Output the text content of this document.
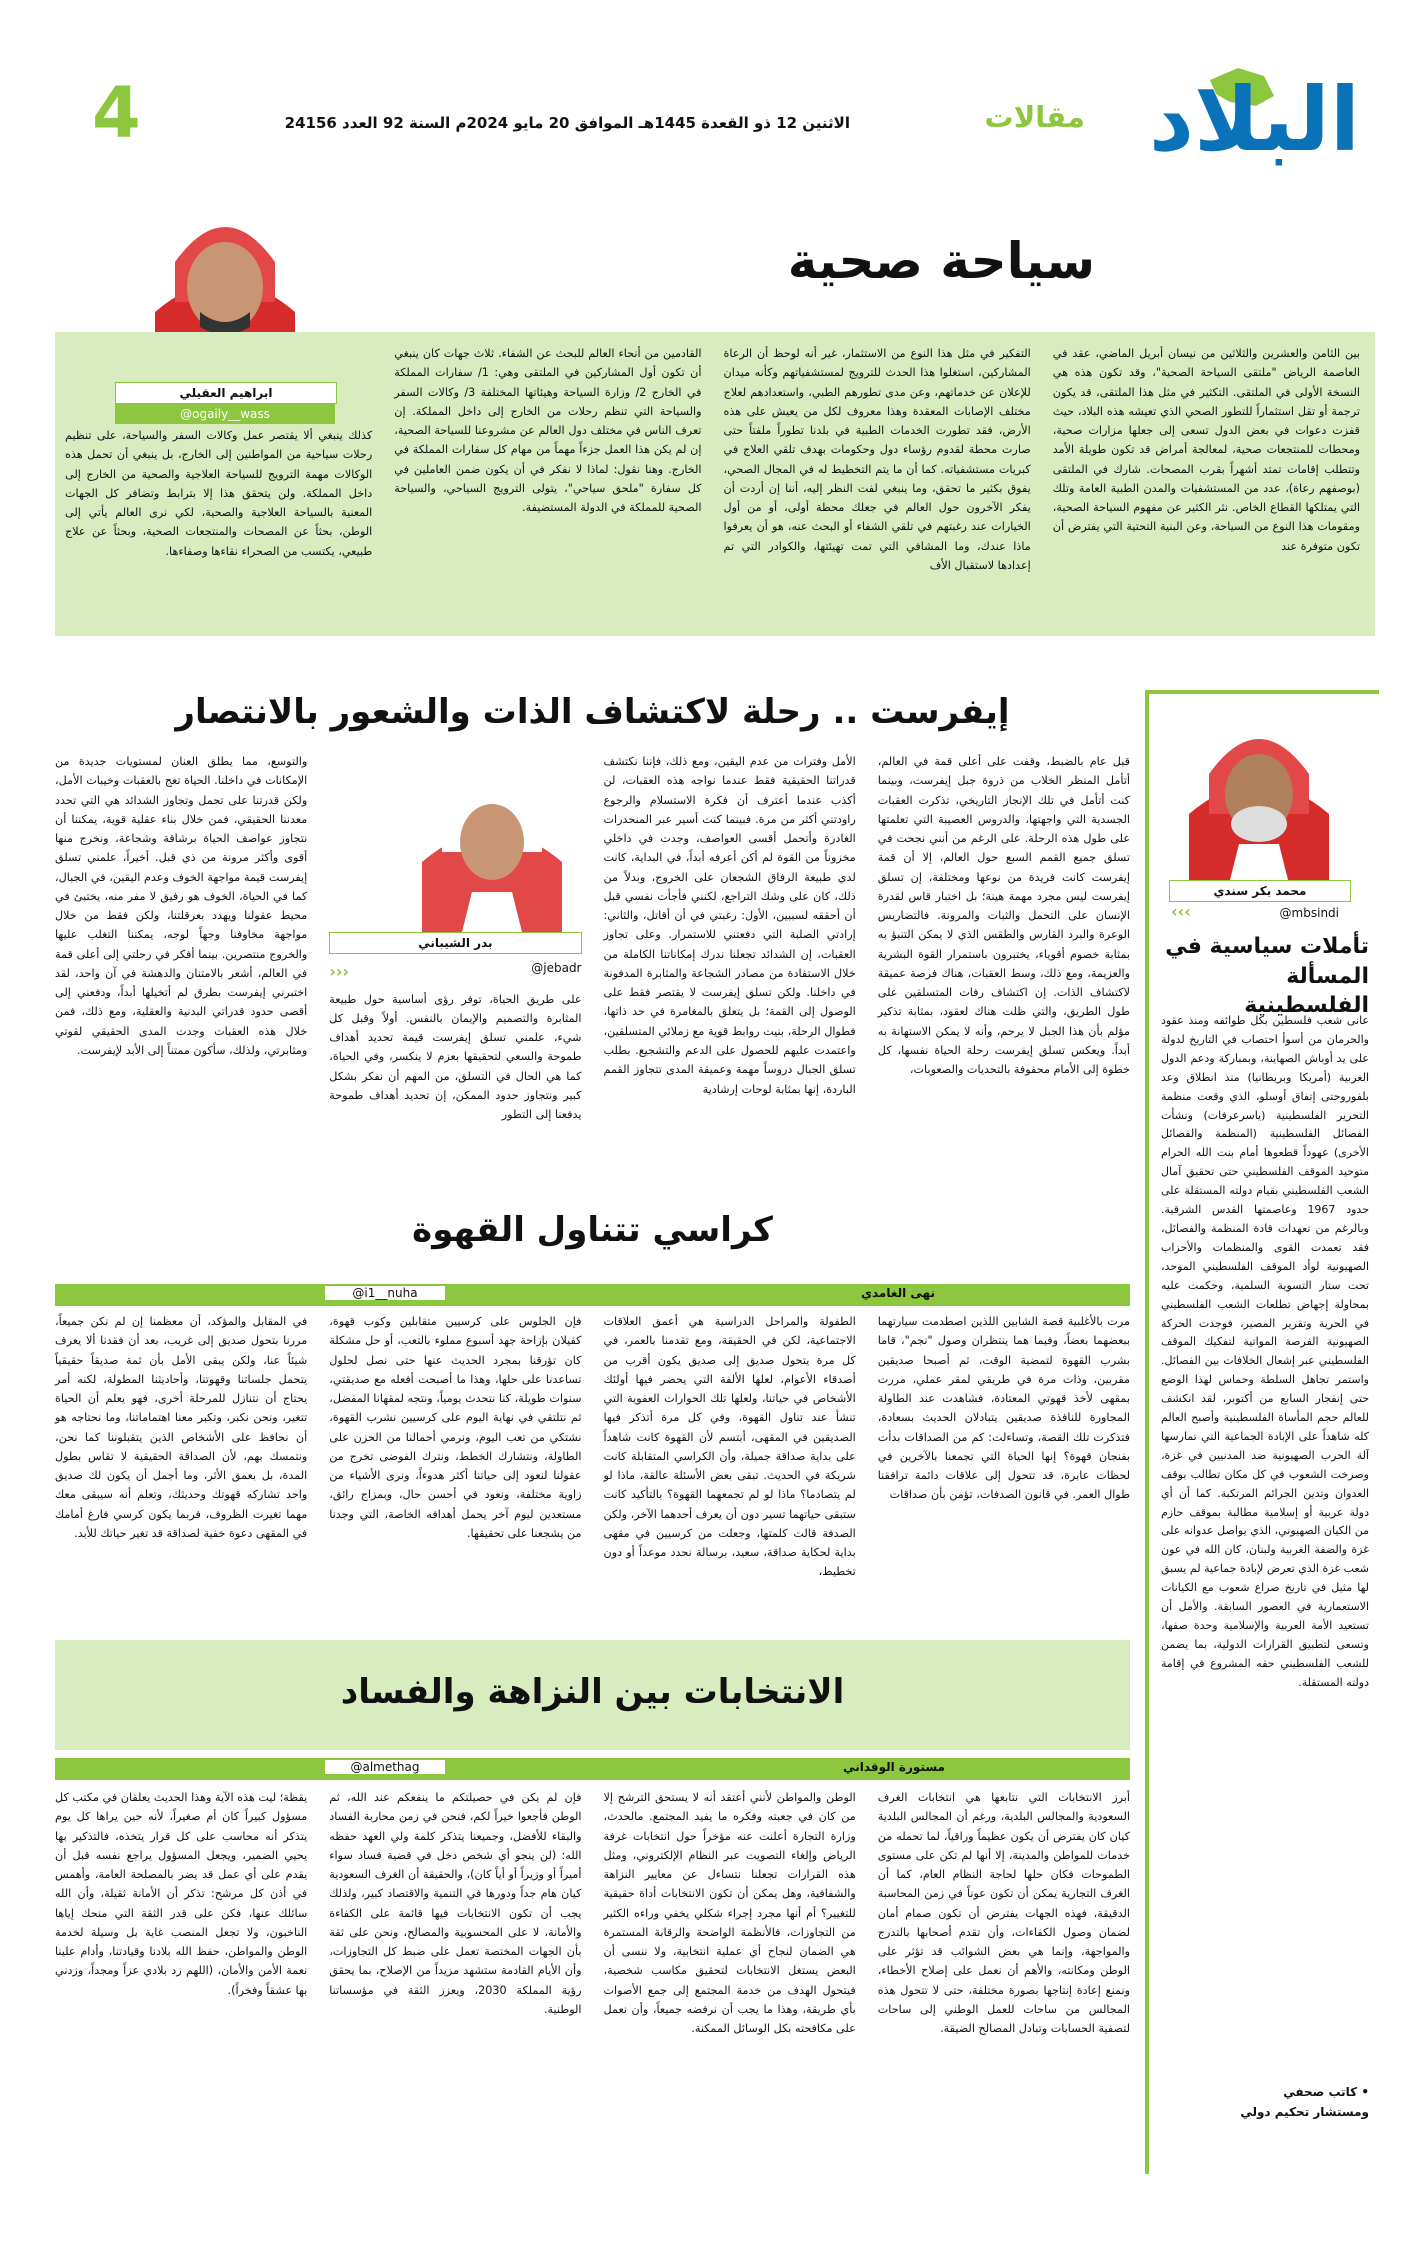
البلاد
مقالات
الاثنين 12 ذو القعدة 1445هـ الموافق 20 مايو 2024م السنة 92 العدد 24156
4
سياحة صحية
ابراهيم العقيلي
@ogaily__wass
بين الثامن والعشرين والثلاثين من نيسان أبريل الماضي، عقد في العاصمة الرياض "ملتقى السياحة الصحية"، وقد تكون هذه هي النسخة الأولى في الملتقى. التكثير في مثل هذا الملتقى، قد يكون ترجمة أو تقل استثماراً للتطور الصحي الذي تعيشه هذه البلاد، حيث قفزت دعوات في بعض الدول تسعى إلى جعلها مزارات صحية، ومحطات للمنتجعات صحية، لمعالجة أمراض قد تكون طويلة الأمد وتتطلب إقامات تمتد أشهراً بقرب المصحات. شارك في الملتقى (بوصفهم رعاة)، عدد من المستشفيات والمدن الطبية العامة وتلك التي يمتلكها القطاع الخاص. نثر الكثير عن مفهوم السياحة الصحية، ومقومات هذا النوع من السياحة، وعن البنية التحتية التي يفترض أن تكون متوفرة عند
التفكير في مثل هذا النوع من الاستثمار، غير أنه لوحظ أن الرعاة المشاركين، استغلوا هذا الحدث للترويج لمستشفياتهم وكأنه ميدان للإعلان عن خدماتهم، وعن مدى تطورهم الطبي، واستعدادهم لعلاج مختلف الإصابات المعقدة وهذا معروف لكل من يعيش على هذه الأرض، فقد تطورت الخدمات الطبية في بلدنا تطوراً ملفتاً حتى صارت محطة لقدوم رؤساء دول وحكومات بهدف تلقي العلاج في كبريات مستشفياته. كما أن ما يتم التخطيط له في المجال الصحي، يفوق بكثير ما تحقق، وما ينبغي لفت النظر إليه، أننا إن أردت أن يفكر الآخرون حول العالم في جعلك محطة أولى، أو من أول الخيارات عند رغبتهم في تلقي الشفاء أو البحث عنه، هو أن يعرفوا ماذا عندك، وما المشافي التي تمت تهيئتها، والكوادر التي تم إعدادها لاستقبال الأف
القادمين من أنحاء العالم للبحث عن الشفاء. ثلاث جهات كان ينبغي أن تكون أول المشاركين في الملتقى وهي: 1/ سفارات المملكة في الخارج 2/ وزارة السياحة وهيئاتها المختلفة 3/ وكالات السفر والسياحة التي تنظم رحلات من الخارج إلى داخل المملكة. إن تعرف الناس في مختلف دول العالم عن مشروعنا للسياحة الصحية، إن لم يكن هذا العمل جزءاً مهماً من مهام كل سفارات المملكة في الخارج. وهنا نقول: لماذا لا نفكر في أن يكون ضمن العاملين في كل سفارة "ملحق سياحي"، يتولى الترويج السياحي، والسياحة الصحية للمملكة في الدولة المستضيفة.
كذلك ينبغي ألا يقتصر عمل وكالات السفر والسياحة، على تنظيم رحلات سياحية من المواطنين إلى الخارج، بل ينبغي أن تحمل هذه الوكالات مهمة الترويج للسياحة العلاجية والصحية من الخارج إلى داخل المملكة. ولن يتحقق هذا إلا بترابط وتضافر كل الجهات المعنية بالسياحة العلاجية والصحية، لكي نرى العالم يأتي إلى الوطن، بحثاً عن المصحات والمنتجعات الصحية، وبحثاً عن علاج طبيعي، يكتسب من الصحراء نقاءها وصفاءها.
محمد بكر سندي
@mbsindi
‹‹‹
تأملات سياسية في المسألة الفلسطينية
عانى شعب فلسطين بكل طوائفه ومنذ عقود والحرمان من أسوأ احتصاب في التاريخ لدولة على يد أوباش الصهاينة، وبمباركة ودعم الدول الغربية (أمريكا وبريطانيا) منذ انطلاق وعد بلفوروحتى إتفاق أوسلو، الذي وقعت منظمة التحرير الفلسطينية (ياسرعرفات) ونشأت الفصائل الفلسطينية (المنظمة والفصائل الأخرى) عهوداً قطعوها أمام بنت الله الحرام متوحيد الموقف الفلسطيني حتى تحقيق آمال الشعب الفلسطيني بقيام دولته المستقلة على حدود 1967 وعاصمتها القدس الشرقية. وبالرغم من تعهدات قادة المنظمة والفصائل، فقد تعمدت القوى والمنظمات والأحزاب الصهيونية لوأد الموقف الفلسطيني الموحد، تحت ستار التسوية السلمية، وحكمت عليه بمحاولة إجهاض تطلعات الشعب الفلسطيني في الحرية وتقرير المصير، فوجدت الحركة الصهيونية الفرصة المواتية لتفكيك الموقف الفلسطيني عبر إشعال الخلافات بين الفصائل. واستمر تجاهل السلطة وحماس لهذا الوضع حتى إنفجار السابع من أكتوبر، لقد انكشف للعالم حجم المأساة الفلسطينية وأصبح العالم كله شاهداً على الإبادة الجماعية التي تمارسها آلة الحرب الصهيونية ضد المدنيين في غزة، وصرخت الشعوب في كل مكان تطالب بوقف العدوان وتدين الجرائم المرتكبة. كما أن أي دولة عربية أو إسلامية مطالبة بموقف حازم من الكيان الصهيوني، الذي يواصل عدوانه على غزة والضفة الغربية ولبنان، كان الله في عون شعب غزة الذي تعرض لإبادة جماعية لم يسبق لها مثيل في تاريخ صراع شعوب مع الكيانات الاستعمارية في العصور السابقة. والأمل أن تستعيد الأمة العربية والإسلامية وحدة صفها، وتسعى لتطبيق القرارات الدولية، بما يضمن للشعب الفلسطيني حقه المشروع في إقامة دولته المستقلة.
• كاتب صحفي
ومستشار تحكيم دولي
إيفرست .. رحلة لاكتشاف الذات والشعور بالانتصار
قبل عام بالضبط، وقفت على أعلى قمة في العالم، أتأمل المنظر الخلاب من ذروة جبل إيفرست، وبينما كنت أتأمل في تلك الإنجاز التاريخي، تذكرت العقبات الجسدية التي واجهتها، والدروس العصيبة التي تعلمتها على طول هذه الرحلة. على الرغم من أنني نجحت في تسلق جميع القمم السبع حول العالم، إلا أن قمة إيفرست كانت فريدة من نوعها ومختلفة، إن تسلق إيفرست ليس مجرد مهمة هينة؛ بل اختبار قاس لقدرة الإنسان على التحمل والثبات والمرونة. فالتضاريس الوعرة والبرد القارس والطقس الذي لا يمكن التنبؤ به بمثابة خصوم أقوياء، يختبرون باستمرار القوة البشرية والعزيمة، ومع ذلك، وسط العقبات، هناك فرصة عميقة لاكتشاف الذات. إن اكتشاف رفات المتسلقين على طول الطريق، والتي ظلت هناك لعقود، بمثابة تذكير مؤلم بأن هذا الجبل لا يرحم، وأنه لا يمكن الاستهانة به أبداً. ويعكس تسلق إيفرست رحلة الحياة نفسها، كل خطوة إلى الأمام محفوفة بالتحديات والصعوبات،
الأمل وفترات من عدم اليقين، ومع ذلك، فإننا نكتشف قدراتنا الحقيقية فقط عندما نواجه هذه العقبات، لن أكذب عندما أعترف أن فكرة الاستسلام والرجوع راودتني أكثر من مرة. فبينما كنت أسير عبر المنحدرات الغادرة وأتحمل أقسى العواصف، وجدت في داخلي مخزوناً من القوة لم أكن أعرفه أبداً، في البداية، كانت لدي طبيعة الرفاق الشجعان على الخروج، وبدلاً من ذلك، كان على وشك التراجع، لكنني فأجأت نفسي قبل أن أحققه لسببين، الأول: رغبتي في أن أقاتل، والثاني: إرادتي الصلبة التي دفعتني للاستمرار. وعلى تجاوز العقبات، إن الشدائد تجعلنا ندرك إمكاناتنا الكاملة من خلال الاستفادة من مصادر الشجاعة والمثابرة المدفونة في داخلنا. ولكن تسلق إيفرست لا يقتصر فقط على الوصول إلى القمة؛ بل يتعلق بالمغامرة في حد ذاتها، فطوال الرحلة، بنيت روابط قوية مع زملائي المتسلقين، واعتمدت عليهم للحصول على الدعم والتشجيع. بطلب تسلق الجبال دروساً مهمة وعميقة المدى تتجاوز القمم الباردة، إنها بمثابة لوحات إرشادية
بدر الشيباني
@jebadr
‹‹‹
على طريق الحياة، توفر رؤى أساسية حول طبيعة المثابرة والتصميم والإيمان بالنفس. أولاً وقبل كل شيء، علمني تسلق إيفرست قيمة تحديد أهداف طموحة والسعي لتحقيقها بعزم لا ينكسر، وفي الحياة، كما هي الحال في التسلق، من المهم أن نفكر بشكل كبير ونتجاوز حدود الممكن، إن تحديد أهداف طموحة يدفعنا إلى التطور
والتوسع، مما يطلق العنان لمستويات جديدة من الإمكانات في داخلنا. الحياة تعج بالعقبات وخيبات الأمل، ولكن قدرتنا على تحمل وتجاوز الشدائد هي التي تحدد معدننا الحقيقي، فمن خلال بناء عقلية قوية، يمكننا أن نتجاوز عواصف الحياة برشاقة وشجاعة، ونخرج منها أقوى وأكثر مرونة من ذي قبل. أخيراً، علمني تسلق إيفرست قيمة مواجهة الخوف وعدم اليقين، في الجبال، كما في الحياة، الخوف هو رفيق لا مفر منه، يختبئ في محيط عقولنا ويهدد بعرقلتنا، ولكن فقط من خلال مواجهة مخاوفنا وجهاً لوجه، يمكننا التغلب عليها والخروج منتصرين. بينما أفكر في رحلتي إلى أعلى قمة في العالم، أشعر بالامتنان والدهشة في آن واحد، لقد اختبرني إيفرست بطرق لم أتخيلها أبداً، ودفعني إلى أقصى حدود قدراتي البدنية والعقلية، ومع ذلك، فمن خلال هذه العقبات وجدت المدى الحقيقي لقوتي ومثابرتي، ولذلك، سأكون ممتناً إلى الأبد لإيفرست.
كراسي تتناول القهوة
نهى الغامدي
@i1__nuha
مرت بالأغلبية قصة الشابين اللذين اصطدمت سيارتهما ببعضهما بعضاً، وفيما هما ينتظران وصول "نجم"، قاما بشرب القهوة لتمضية الوقت، ثم أصبحا صديقين مقربين، وذات مرة في طريقي لمقر عملي، مررت بمقهى لأخذ قهوتي المعتادة، فشاهدت عند الطاولة المجاورة للنافذة صديقين يتبادلان الحديث بسعادة، فتذكرت تلك القصة، وتساءلت: كم من الصداقات بدأت بفنجان قهوة؟ إنها الحياة التي تجمعنا بالآخرين في لحظات عابرة، قد تتحول إلى علاقات دائمة ترافقنا طوال العمر. في قانون الصدفات، تؤمن بأن صداقات
الطفولة والمراحل الدراسية هي أعمق العلاقات الاجتماعية، لكن في الحقيقة، ومع تقدمنا بالعمر، في كل مرة يتحول صديق إلى صديق يكون أقرب من أصدقاء الأعوام، لعلها الألفة التي يحضر فيها أولئك الأشخاص في حياتنا، ولعلها تلك الحوارات العفوية التي تنشأ عند تناول القهوة، وفي كل مرة أتذكر فيها الصديقين في المقهى، أبتسم لأن القهوة كانت شاهداً على بداية صداقة جميلة، وأن الكراسي المتقابلة كانت شريكة في الحديث. تبقى بعض الأسئلة عالقة، ماذا لو لم يتصادما؟ ماذا لو لم تجمعهما القهوة؟ بالتأكيد كانت ستبقى حياتهما تسير دون أن يعرف أحدهما الآخر، ولكن الصدفة قالت كلمتها، وجعلت من كرسيين في مقهى بداية لحكاية صداقة، سعيد، برسالة نحدد موعداً أو دون تخطيط،
فإن الجلوس على كرسيين متقابلين وكوب قهوة، كفيلان بإزاحة جهد أسبوع مملوء بالتعب، أو حل مشكلة كان تؤرقنا بمجرد الحديث عنها حتى نصل لحلول تساعدنا على حلها، وهذا ما أصبحت أفعله مع صديقتي، سنوات طويلة، كنا نتحدث يومياً، ونتجه لمقهانا المفضل، ثم نتلتقي في نهاية اليوم على كرسيين نشرب القهوة، نشتكي من تعب اليوم، ونرمي أحمالنا من الحزن على الطاولة، ونتشارك الخطط، ونترك الفوضى تخرج من عقولنا لنعود إلى حياتنا أكثر هدوءاً، ونرى الأشياء من زاوية مختلفة، ونعود في أحسن حال، وبمزاج رائق، مستعدين ليوم آخر يحمل أهدافه الخاصة، التي وجدنا من يشجعنا على تحقيقها.
في المقابل والمؤكد، أن معظمنا إن لم نكن جميعاً، مررنا بتحول صديق إلى غريب، بعد أن فقدنا ألا يعرف شيئاً عنا، ولكن يبقى الأمل بأن ثمة صديقاً حقيقياً يتحمل جلساتنا وقهوتنا، وأحاديثنا المطولة، لكنه أمر يحتاج أن نتنازل للمرحلة أخرى، فهو يعلم أن الحياة تتغير، ونحن نكبر، وتكبر معنا اهتماماتنا، وما نحتاجه هو أن نحافظ على الأشخاص الذين يتقبلوننا كما نحن، ونتمسك بهم، لأن الصداقة الحقيقية لا تقاس بطول المدة، بل بعمق الأثر، وما أجمل أن يكون لك صديق واحد تشاركه قهوتك وحديثك، وتعلم أنه سيبقى معك مهما تغيرت الظروف، فربما يكون كرسي فارغ أمامك في المقهى دعوة خفية لصداقة قد تغير حياتك للأبد.
الانتخابات بين النزاهة والفساد
مستورة الوقداني
@almethag
أبرز الانتخابات التي نتابعها هي انتخابات الغرف السعودية والمجالس البلدية، ورغم أن المجالس البلدية كيان كان يفترض أن يكون عظيماً وراقياً، لما تحمله من خدمات للمواطن والمدينة، إلا أنها لم تكن على مستوى الطموحات فكان حلها لحاجة النظام العام، كما أن الغرف التجارية يمكن أن تكون عوناً في زمن المحاسبة الدقيقة، فهذه الجهات يفترض أن تكون صمام أمان لضمان وصول الكفاءات، وأن تقدم أصحابها بالتدرج والمواجهة، وإنما هي بعض الشوائب قد تؤثر على الوطن ومكانته، والأهم أن نعمل على إصلاح الأخطاء، ونمنع إعادة إنتاجها بصورة مختلفة، حتى لا تتحول هذه المجالس من ساحات للعمل الوطني إلى ساحات لتصفية الحسابات وتبادل المصالح الضيقة.
الوطن والمواطن لأنني أعتقد أنه لا يستحق الترشح إلا من كان في جعبته وفكره ما يفيد المجتمع. مالحدث، وزارة التجارة أعلنت عنه مؤخراً حول انتخابات غرفة الرياض وإلغاء التصويت عبر النظام الإلكتروني، ومثل هذه القرارات تجعلنا نتساءل عن معايير النزاهة والشفافية، وهل يمكن أن تكون الانتخابات أداة حقيقية للتغيير؟ أم أنها مجرد إجراء شكلي يخفي وراءه الكثير من التجاوزات، فالأنظمة الواضحة والرقابة المستمرة هي الضمان لنجاح أي عملية انتخابية، ولا ننسى أن البعض يستغل الانتخابات لتحقيق مكاسب شخصية، فيتحول الهدف من خدمة المجتمع إلى جمع الأصوات بأي طريقة، وهذا ما يجب أن نرفضه جميعاً، وأن نعمل على مكافحته بكل الوسائل الممكنة.
فإن لم يكن في حصيلتكم ما ينفعكم عند الله، ثم الوطن فأجعوا خيراً لكم، فنحن في زمن محاربة الفساد والبقاء للأفضل، وجميعنا يتذكر كلمة ولي العهد حفظه الله: (لن ينجو أي شخص دخل في قضية فساد سواء أميراً أو وزيراً أو أياً كان)، والحقيقة أن الغرف السعودية كيان هام جداً ودورها في التنمية والاقتصاد كبير، ولذلك يجب أن تكون الانتخابات فيها قائمة على الكفاءة والأمانة، لا على المحسوبية والمصالح، ونحن على ثقة بأن الجهات المختصة تعمل على ضبط كل التجاوزات، وأن الأيام القادمة ستشهد مزيداً من الإصلاح، بما يحقق رؤية المملكة 2030، ويعزز الثقة في مؤسساتنا الوطنية.
يقظة؛ ليت هذه الآية وهذا الحديث يعلقان في مكتب كل مسؤول كبيراً كان أم صغيراً، لأنه حين يراها كل يوم يتذكر أنه محاسب على كل قرار يتخذه، فالتذكير بها يحيي الضمير، ويجعل المسؤول يراجع نفسه قبل أن يقدم على أي عمل قد يضر بالمصلحة العامة، وأهمس في أذن كل مرشح: تذكر أن الأمانة ثقيلة، وأن الله سائلك عنها، فكن على قدر الثقة التي منحك إياها الناخبون، ولا تجعل المنصب غاية بل وسيلة لخدمة الوطن والمواطن، حفظ الله بلادنا وقيادتنا، وأدام علينا نعمة الأمن والأمان، (اللهم زد بلادي عزاً ومجداً، وزدني بها عشقاً وفخراً).
